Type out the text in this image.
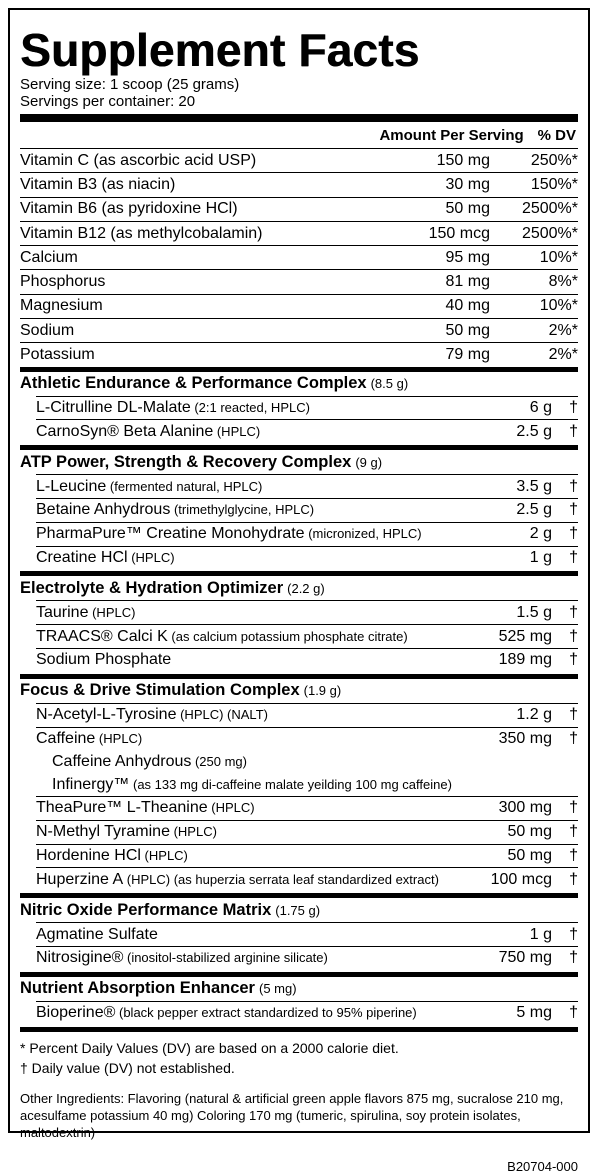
Supplement Facts
Serving size: 1 scoop (25 grams)
Servings per container: 20
Amount Per Serving % DV
Vitamin C (as ascorbic acid USP)	150 mg	250%*
Vitamin B3 (as niacin)	30 mg	150%*
Vitamin B6 (as pyridoxine HCl)	50 mg	2500%*
Vitamin B12 (as methylcobalamin)	150 mcg	2500%*
Calcium	95 mg	10%*
Phosphorus	81 mg	8%*
Magnesium	40 mg	10%*
Sodium	50 mg	2%*
Potassium	79 mg	2%*
Athletic Endurance & Performance Complex (8.5 g)
L-Citrulline DL-Malate (2:1 reacted, HPLC)	6 g	†
CarnoSyn® Beta Alanine (HPLC)	2.5 g	†
ATP Power, Strength & Recovery Complex (9 g)
L-Leucine (fermented natural, HPLC)	3.5 g	†
Betaine Anhydrous (trimethylglycine, HPLC)	2.5 g	†
PharmaPure™ Creatine Monohydrate (micronized, HPLC)	2 g	†
Creatine HCl (HPLC)	1 g	†
Electrolyte & Hydration Optimizer (2.2 g)
Taurine (HPLC)	1.5 g	†
TRAACS® Calci K (as calcium potassium phosphate citrate)	525 mg	†
Sodium Phosphate	189 mg	†
Focus & Drive Stimulation Complex (1.9 g)
N-Acetyl-L-Tyrosine (HPLC) (NALT)	1.2 g	†
Caffeine (HPLC)	350 mg	†
Caffeine Anhydrous (250 mg)
Infinergy™ (as 133 mg di-caffeine malate yeilding 100 mg caffeine)
TheaPure™ L-Theanine (HPLC)	300 mg	†
N-Methyl Tyramine (HPLC)	50 mg	†
Hordenine HCl (HPLC)	50 mg	†
Huperzine A (HPLC) (as huperzia serrata leaf standardized extract)	100 mcg	†
Nitric Oxide Performance Matrix (1.75 g)
Agmatine Sulfate	1 g	†
Nitrosigine® (inositol-stabilized arginine silicate)	750 mg	†
Nutrient Absorption Enhancer (5 mg)
Bioperine® (black pepper extract standardized to 95% piperine)	5 mg	†
* Percent Daily Values (DV) are based on a 2000 calorie diet.
† Daily value (DV) not established.
Other Ingredients: Flavoring (natural & artificial green apple flavors 875 mg, sucralose 210 mg, acesulfame potassium 40 mg) Coloring 170 mg (tumeric, spirulina, soy protein isolates, maltodextrin)
B20704-000
